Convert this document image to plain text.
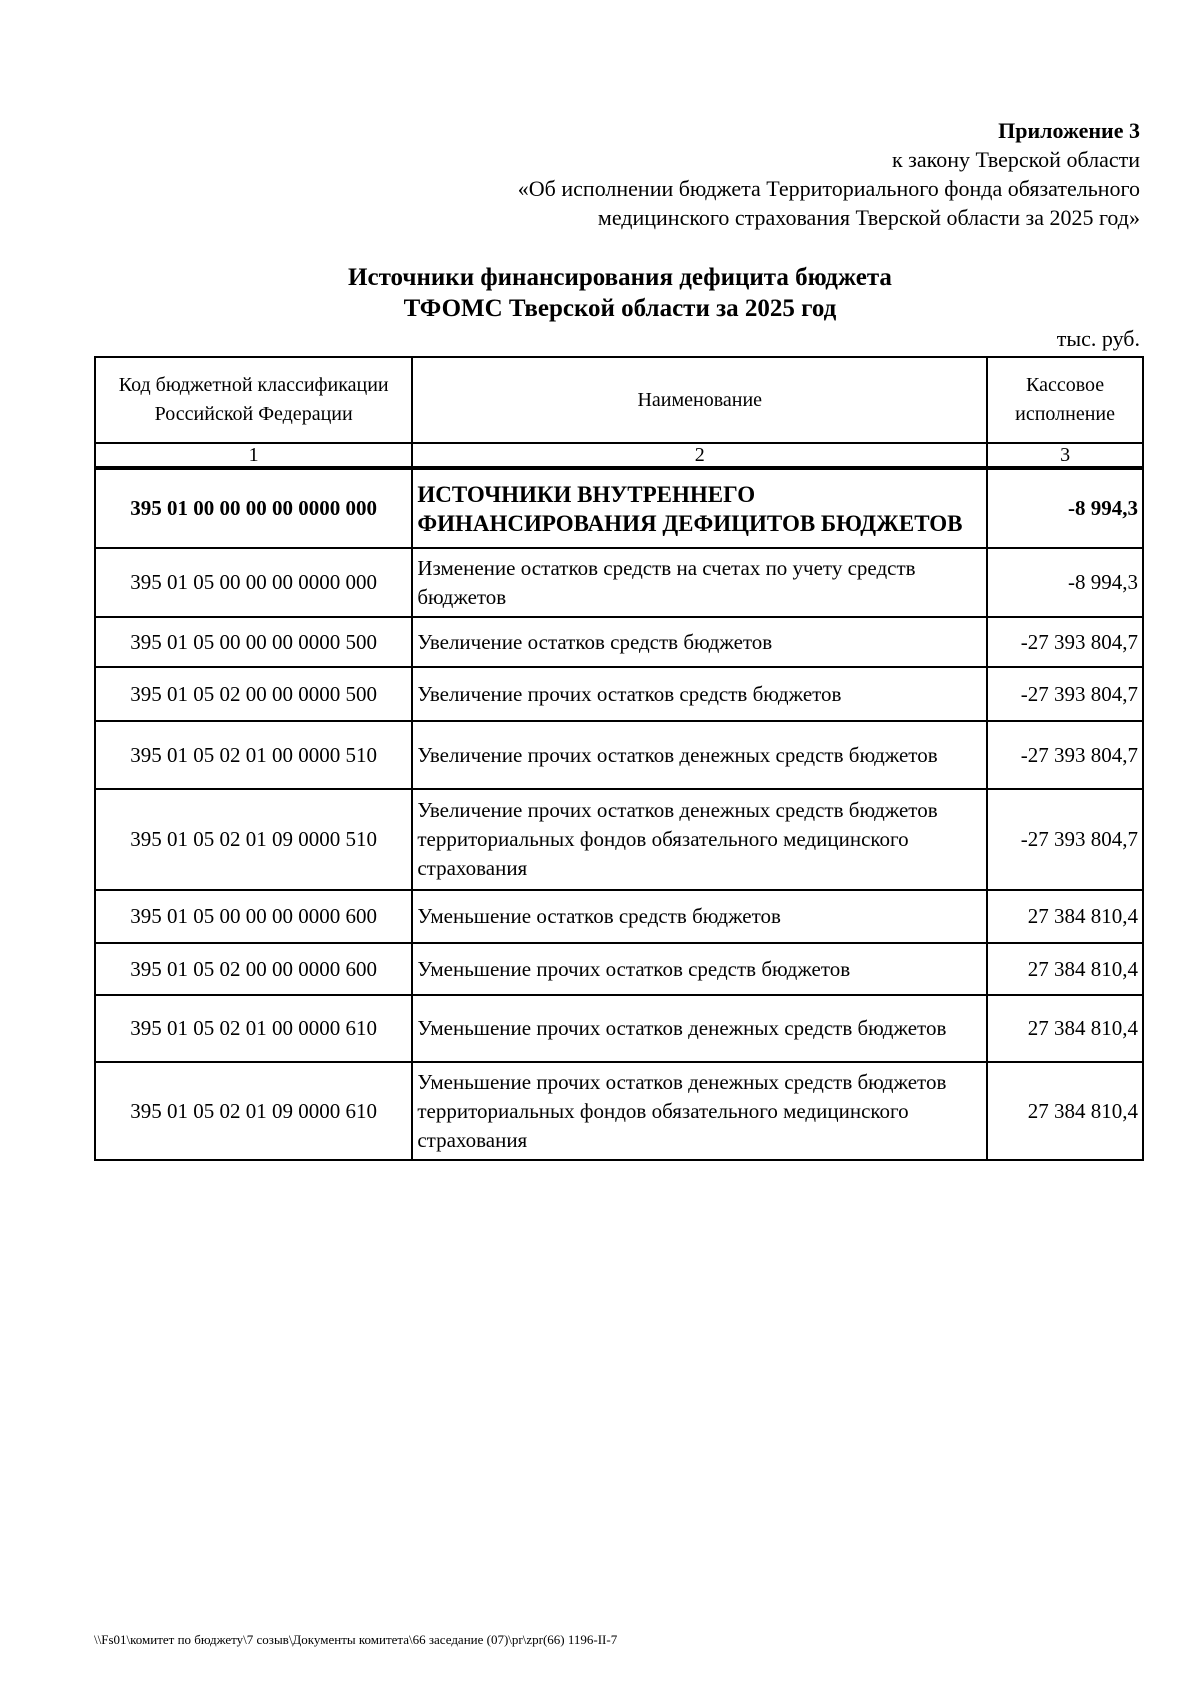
Приложение 3
к закону Тверской области
«Об исполнении бюджета Территориального фонда обязательного
медицинского страхования Тверской области за 2025 год»
Источники финансирования дефицита бюджета
ТФОМС Тверской области за 2025 год
тыс. руб.
Код бюджетной классификации Российской Федерации	Наименование	Кассовое исполнение
1	2	3
395 01 00 00 00 00 0000 000	ИСТОЧНИКИ ВНУТРЕННЕГО ФИНАНСИРОВАНИЯ ДЕФИЦИТОВ БЮДЖЕТОВ	-8 994,3
395 01 05 00 00 00 0000 000	Изменение остатков средств на счетах по учету средств бюджетов	-8 994,3
395 01 05 00 00 00 0000 500	Увеличение остатков средств бюджетов	-27 393 804,7
395 01 05 02 00 00 0000 500	Увеличение прочих остатков средств бюджетов	-27 393 804,7
395 01 05 02 01 00 0000 510	Увеличение прочих остатков денежных средств бюджетов	-27 393 804,7
395 01 05 02 01 09 0000 510	Увеличение прочих остатков денежных средств бюджетов территориальных фондов обязательного медицинского страхования	-27 393 804,7
395 01 05 00 00 00 0000 600	Уменьшение остатков средств бюджетов	27 384 810,4
395 01 05 02 00 00 0000 600	Уменьшение прочих остатков средств бюджетов	27 384 810,4
395 01 05 02 01 00 0000 610	Уменьшение прочих остатков денежных средств бюджетов	27 384 810,4
395 01 05 02 01 09 0000 610	Уменьшение прочих остатков денежных средств бюджетов территориальных фондов обязательного медицинского страхования	27 384 810,4
\\Fs01\комитет по бюджету\7 созыв\Документы комитета\66 заседание (07)\pr\zpr(66) 1196-II-7
